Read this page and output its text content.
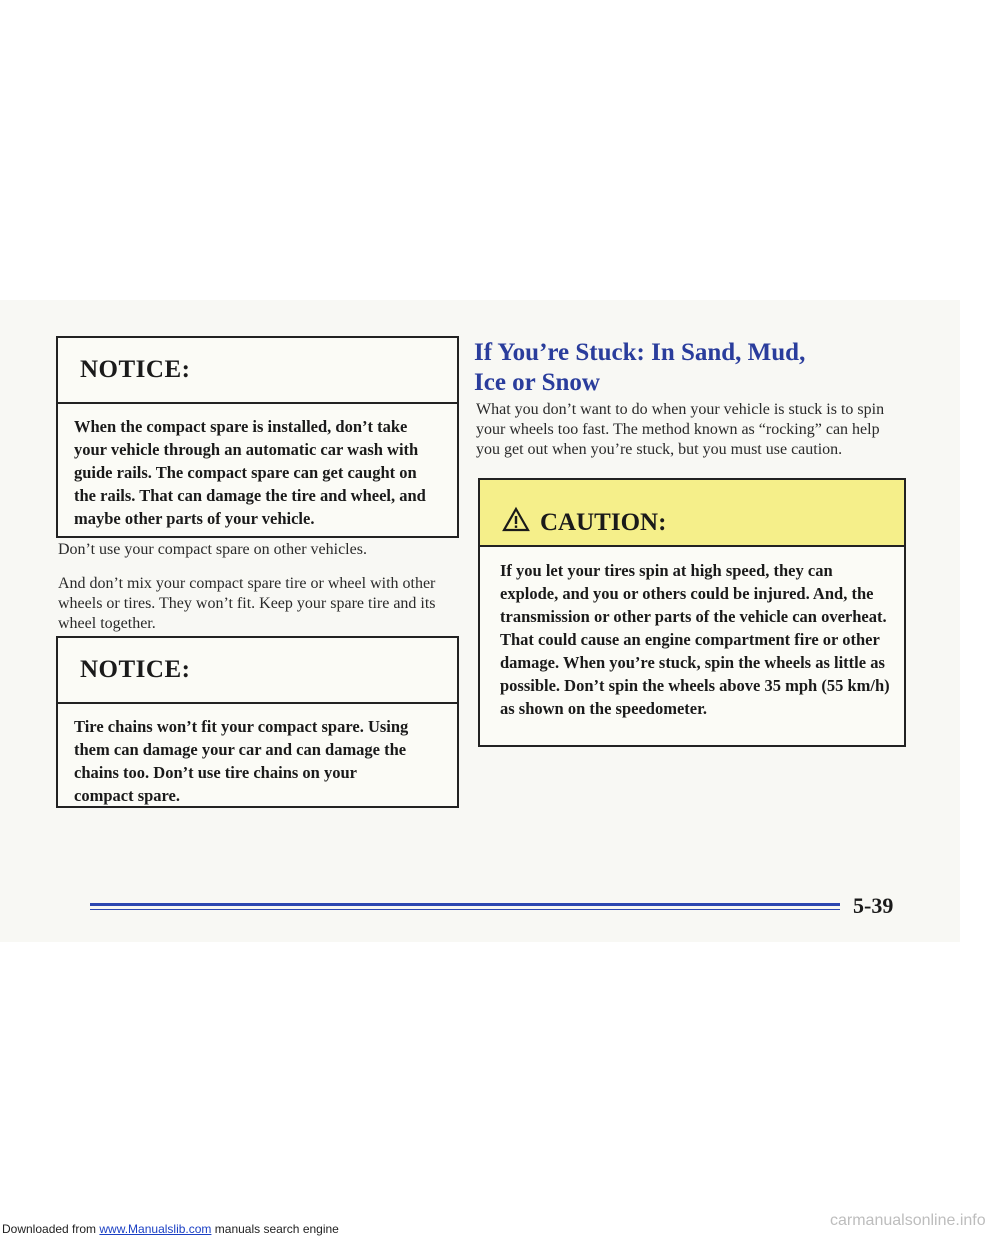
NOTICE:
When the compact spare is installed, don’t take your vehicle through an automatic car wash with guide rails. The compact spare can get caught on the rails. That can damage the tire and wheel, and maybe other parts of your vehicle.
Don’t use your compact spare on other vehicles.
And don’t mix your compact spare tire or wheel with other wheels or tires. They won’t fit. Keep your spare tire and its wheel together.
NOTICE:
Tire chains won’t fit your compact spare. Using them can damage your car and can damage the chains too. Don’t use tire chains on your compact spare.
If You’re Stuck: In Sand, Mud,
Ice or Snow
What you don’t want to do when your vehicle is stuck is to spin your wheels too fast. The method known as “rocking” can help you get out when you’re stuck, but you must use caution.
CAUTION:
If you let your tires spin at high speed, they can explode, and you or others could be injured. And, the transmission or other parts of the vehicle can overheat. That could cause an engine compartment fire or other damage. When you’re stuck, spin the wheels as little as possible. Don’t spin the wheels above 35 mph (55 km/h) as shown on the speedometer.
5-39
Downloaded from www.Manualslib.com manuals search engine	carmanualsonline.info
